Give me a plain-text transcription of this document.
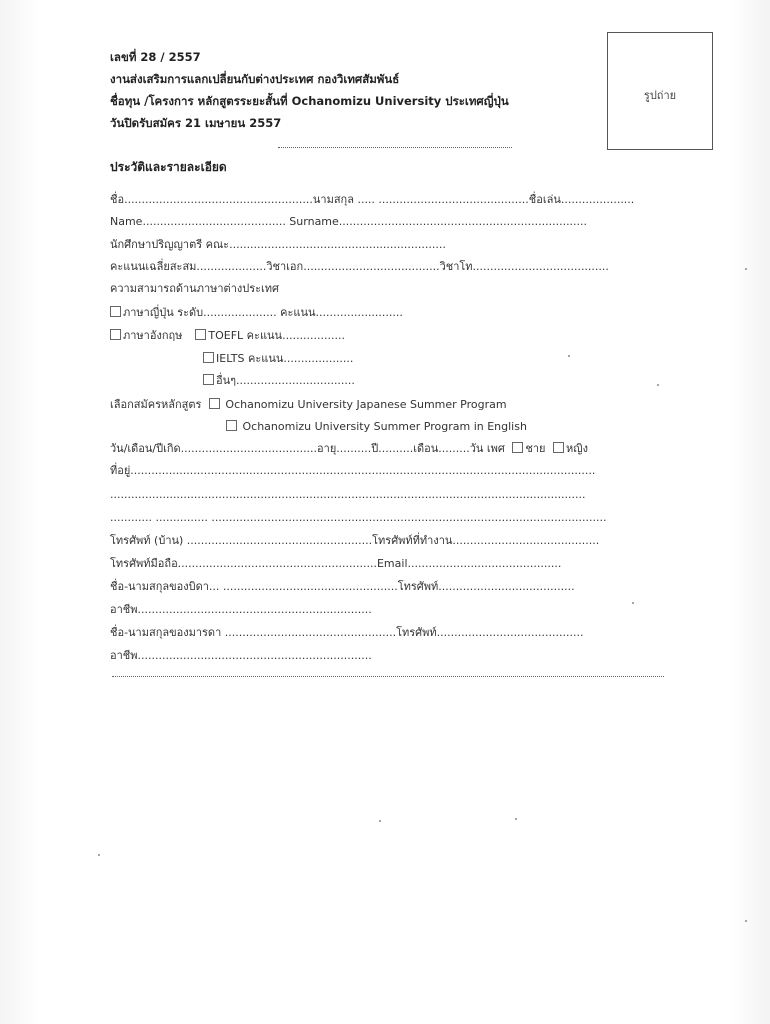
เลขที่ 28 / 2557
งานส่งเสริมการแลกเปลี่ยนกับต่างประเทศ กองวิเทศสัมพันธ์
ชื่อทุน /โครงการ หลักสูตรระยะสั้นที่ Ochanomizu University ประเทศญี่ปุ่น
วันปิดรับสมัคร 21 เมษายน 2557
รูปถ่าย
ประวัติและรายละเอียด
ชื่อ......................................................นามสกุล ..... ...........................................ชื่อเล่น.....................
Name......................................... Surname.......................................................................
นักศึกษาปริญญาตรี คณะ..............................................................
คะแนนเฉลี่ยสะสม....................วิชาเอก.......................................วิชาโท.......................................
ความสามารถด้านภาษาต่างประเทศ
ภาษาญี่ปุ่น ระดับ..................... คะแนน.........................
ภาษาอังกฤษ TOEFL คะแนน..................
IELTS คะแนน....................
อื่นๆ..................................
เลือกสมัครหลักสูตร Ochanomizu University Japanese Summer Program
Ochanomizu University Summer Program in English
วัน/เดือน/ปีเกิด.......................................อายุ..........ปี..........เดือน.........วัน เพศ ชาย หญิง
ที่อยู่.....................................................................................................................................
........................................................................................................................................
............ ............... .................................................................................................................
โทรศัพท์ (บ้าน) .....................................................โทรศัพท์ที่ทำงาน..........................................
โทรศัพท์มือถือ.........................................................Email............................................
ชื่อ-นามสกุลของบิดา... ..................................................โทรศัพท์.......................................
อาชีพ...................................................................
ชื่อ-นามสกุลของมารดา .................................................โทรศัพท์..........................................
อาชีพ...................................................................
